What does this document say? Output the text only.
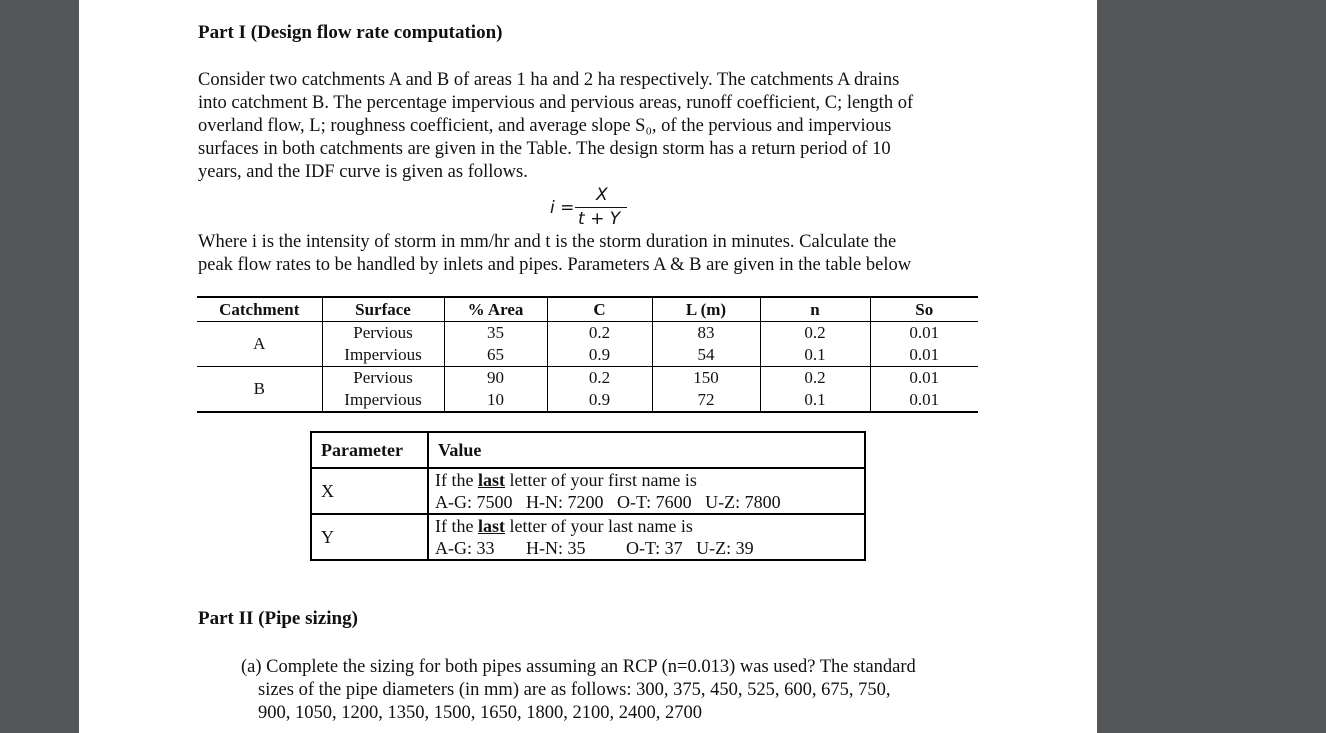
Part I (Design flow rate computation)
Consider two catchments A and B of areas 1 ha and 2 ha respectively. The catchments A drains
into catchment B. The percentage impervious and pervious areas, runoff coefficient, C; length of
overland flow, L; roughness coefficient, and average slope S₀, of the pervious and impervious
surfaces in both catchments are given in the Table. The design storm has a return period of 10
years, and the IDF curve is given as follows.
i =
X
t + Y
Where i is the intensity of storm in mm/hr and t is the storm duration in minutes. Calculate the
peak flow rates to be handled by inlets and pipes. Parameters A & B are given in the table below
Catchment	Surface	% Area	C	L (m)	n	So
A	Pervious	35	0.2	83	0.2	0.01
	Impervious	65	0.9	54	0.1	0.01
B	Pervious	90	0.2	150	0.2	0.01
	Impervious	10	0.9	72	0.1	0.01
Parameter	Value
X	If the last letter of your first name is
A-G: 7500   H-N: 7200   O-T: 7600   U-Z: 7800

Y	If the last letter of your last name is
A-G: 33       H-N: 35         O-T: 37   U-Z: 39
Part II (Pipe sizing)
(a) Complete the sizing for both pipes assuming an RCP (n=0.013) was used? The standard
sizes of the pipe diameters (in mm) are as follows: 300, 375, 450, 525, 600, 675, 750,
900, 1050, 1200, 1350, 1500, 1650, 1800, 2100, 2400, 2700
